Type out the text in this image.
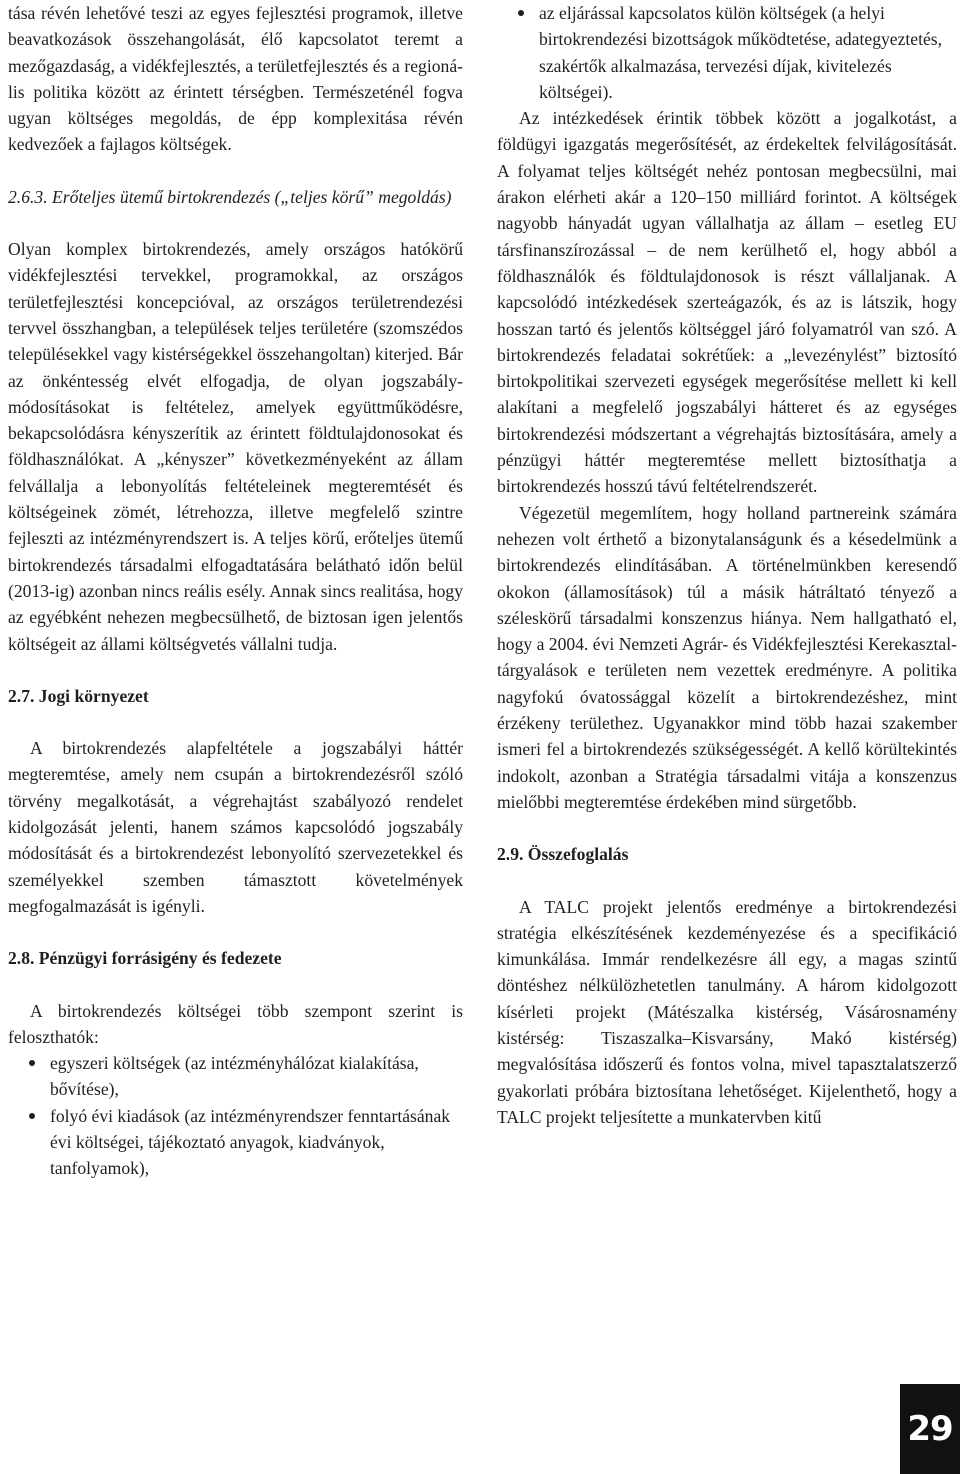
tása révén lehetővé teszi az egyes fejlesztési programok, illetve beavatkozások összehangolását, élő kapcsolatot teremt a mezőgazdaság, a vidékfejlesztés, a területfejlesztés és a regionális politika között az érintett térségben. Természeténél fogva ugyan költséges megoldás, de épp komplexitása révén kedvezőek a fajlagos költségek.

2.6.3. Erőteljes ütemű birtokrendezés („teljes körű” megoldás)

Olyan komplex birtokrendezés, amely országos hatókörű vidékfejlesztési tervekkel, programokkal, az országos területfejlesztési koncepcióval, az országos területrendezési tervvel összhangban, a települések teljes területére (szomszédos településekkel vagy kistérségekkel összehangoltan) kiterjed. Bár az önkéntesség elvét elfogadja, de olyan jogszabály-módosításokat is feltételez, amelyek együttműködésre, bekapcsolódásra kényszerítik az érintett földtulajdonosokat és földhasználókat. A „kényszer” következményeként az állam felvállalja a lebonyolítás feltételeinek megteremtését és költségeinek zömét, létrehozza, illetve megfelelő szintre fejleszti az intézményrendszert is. A teljes körű, erőteljes ütemű birtokrendezés társadalmi elfogadtatására belátható időn belül (2013-ig) azonban nincs reális esély. Annak sincs realitása, hogy az egyébként nehezen megbecsülhető, de biztosan igen jelentős költségeit az állami költségvetés vállalni tudja.

2.7. Jogi környezet

A birtokrendezés alapfeltétele a jogszabályi háttér megteremtése, amely nem csupán a birtokrendezésről szóló törvény megalkotását, a végrehajtást szabályozó rendelet kidolgozását jelenti, hanem számos kapcsolódó jogszabály módosítását és a birtokrendezést lebonyolító szervezetekkel és személyekkel szemben támasztott követelmények megfogalmazását is igényli.

2.8. Pénzügyi forrásigény és fedezete

A birtokrendezés költségei több szempont szerint is feloszthatók:

egyszeri költségek (az intézményhálózat kialakítása, bővítése),
folyó évi kiadások (az intézményrendszer fenntartásának évi költségei, tájékoztató anyagok, kiadványok, tanfolyamok),
az eljárással kapcsolatos külön költségek (a helyi birtokrendezési bizottságok működtetése, adategyeztetés, szakértők alkalmazása, tervezési díjak, kivitelezés költségei).

Az intézkedések érintik többek között a jogalkotást, a földügyi igazgatás megerősítését, az érdekeltek felvilágosítását. A folyamat teljes költségét nehéz pontosan megbecsülni, mai árakon elérheti akár a 120–150 milliárd forintot. A költségek nagyobb hányadát ugyan vállalhatja az állam – esetleg EU társfinanszírozással – de nem kerülhető el, hogy abból a földhasználók és földtulajdonosok is részt vállaljanak. A kapcsolódó intézkedések szerteágazók, és az is látszik, hogy hosszan tartó és jelentős költséggel járó folyamatról van szó. A birtokrendezés feladatai sokrétűek: a „levezénylést” biztosító birtokpolitikai szervezeti egységek megerősítése mellett ki kell alakítani a megfelelő jogszabályi hátteret és az egységes birtokrendezési módszertant a végrehajtás biztosítására, amely a pénzügyi háttér megteremtése mellett biztosíthatja a birtokrendezés hosszú távú feltételrendszerét.

Végezetül megemlítem, hogy holland partnereink számára nehezen volt érthető a bizonytalanságunk és a késedelmünk a birtokrendezés elindításában. A történelmünkben keresendő okokon (államosítások) túl a másik hátráltató tényező a széleskörű társadalmi konszenzus hiánya. Nem hallgatható el, hogy a 2004. évi Nemzeti Agrár- és Vidékfejlesztési Kerekasztal-tárgyalások e területen nem vezettek eredményre. A politika nagyfokú óvatossággal közelít a birtokrendezéshez, mint érzékeny területhez. Ugyanakkor mind több hazai szakember ismeri fel a birtokrendezés szükségességét. A kellő körültekintés indokolt, azonban a Stratégia társadalmi vitája a konszenzus mielőbbi megteremtése érdekében mind sürgetőbb.

2.9. Összefoglalás

A TALC projekt jelentős eredménye a birtokrendezési stratégia elkészítésének kezdeményezése és a specifikáció kimunkálása. Immár rendelkezésre áll egy, a magas szintű döntéshez nélkülözhetetlen tanulmány. A három kidolgozott kísérleti projekt (Mátészalka kistérség, Vásárosnamény kistérség: Tiszaszalka–Kisvarsány, Makó kistérség) megvalósítása időszerű és fontos volna, mivel tapasztalatszerző gyakorlati próbára biztosítana lehetőséget. Kijelenthető, hogy a TALC projekt teljesítette a munkatervben kitű

29
